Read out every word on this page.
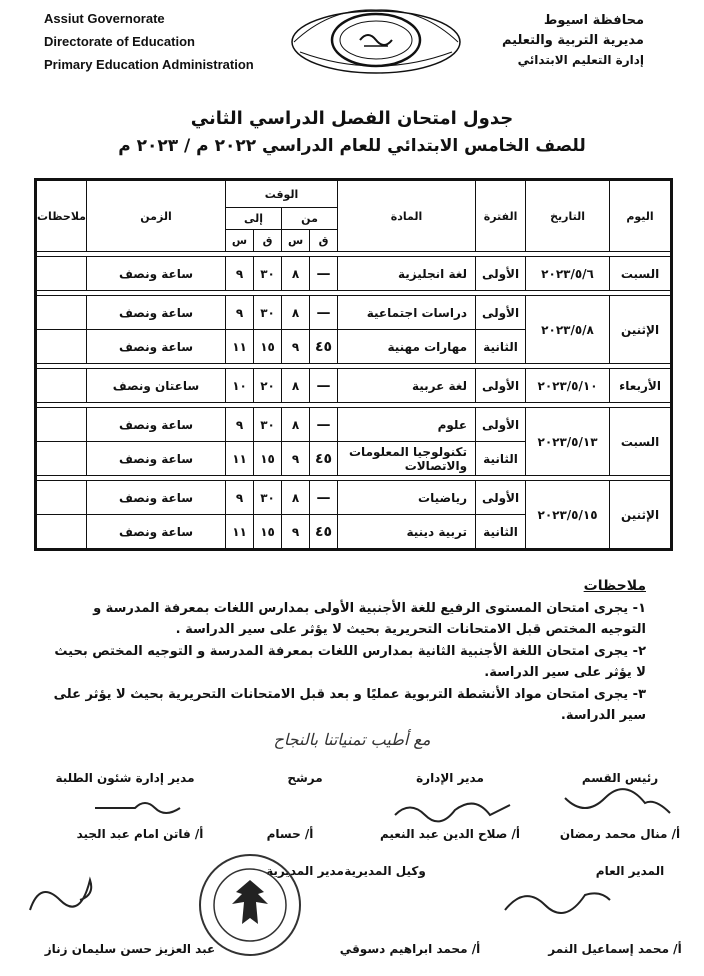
Assiut Governorate
Directorate of Education
Primary Education Administration
محافظة اسيوط
مديرية التربية والتعليم
إدارة التعليم الابتدائي
جدول امتحان الفصل الدراسي الثاني
للصف الخامس الابتدائي للعام الدراسي ٢٠٢٢ م / ٢٠٢٣ م
اليوم	التاريخ	الفترة	المادة	الوقت				الزمن	ملاحظات
				من		إلى			
				ق	س	ق	س		

السبت	٢٠٢٣/٥/٦	الأولى	لغة انجليزية	—	٨	٣٠	٩	ساعة ونصف	

الإثنين	٢٠٢٣/٥/٨	الأولى	دراسات اجتماعية	—	٨	٣٠	٩	ساعة ونصف	
		الثانية	مهارات مهنية	٤٥	٩	١٥	١١	ساعة ونصف	

الأربعاء	٢٠٢٣/٥/١٠	الأولى	لغة عربية	—	٨	٢٠	١٠	ساعتان ونصف	

السبت	٢٠٢٣/٥/١٣	الأولى	علوم	—	٨	٣٠	٩	ساعة ونصف	
		الثانية	تكنولوجيا المعلومات والاتصالات	٤٥	٩	١٥	١١	ساعة ونصف	

الإثنين	٢٠٢٣/٥/١٥	الأولى	رياضيات	—	٨	٣٠	٩	ساعة ونصف	
		الثانية	تربية دينية	٤٥	٩	١٥	١١	ساعة ونصف	
ملاحظات
١- يجرى امتحان المستوى الرفيع للغة الأجنبية الأولى بمدارس اللغات بمعرفة المدرسة و التوجيه المختص قبل الامتحانات التحريرية بحيث لا يؤثر على سير الدراسة .
٢- يجرى امتحان اللغة الأجنبية الثانية بمدارس اللغات بمعرفة المدرسة و التوجيه المختص بحيث لا يؤثر على سير الدراسة.
٣- يجرى امتحان مواد الأنشطة التربوية عمليًا و بعد قبل الامتحانات التحريرية بحيث لا يؤثر على سير الدراسة.
مع أطيب تمنياتنا بالنجاح
رئيس القسم
مدير الإدارة
مرشح
مدير إدارة شئون الطلبة
أ/ منال محمد رمضان
أ/ صلاح الدين عبد النعيم
أ/ حسام
أ/ فاتن امام عبد الجيد
المدير العام
وكيل المديرية
مدير المديرية
أ/ محمد إسماعيل النمر
أ/ محمد ابراهيم دسوقي
عبد العزيز حسن سليمان زناز
